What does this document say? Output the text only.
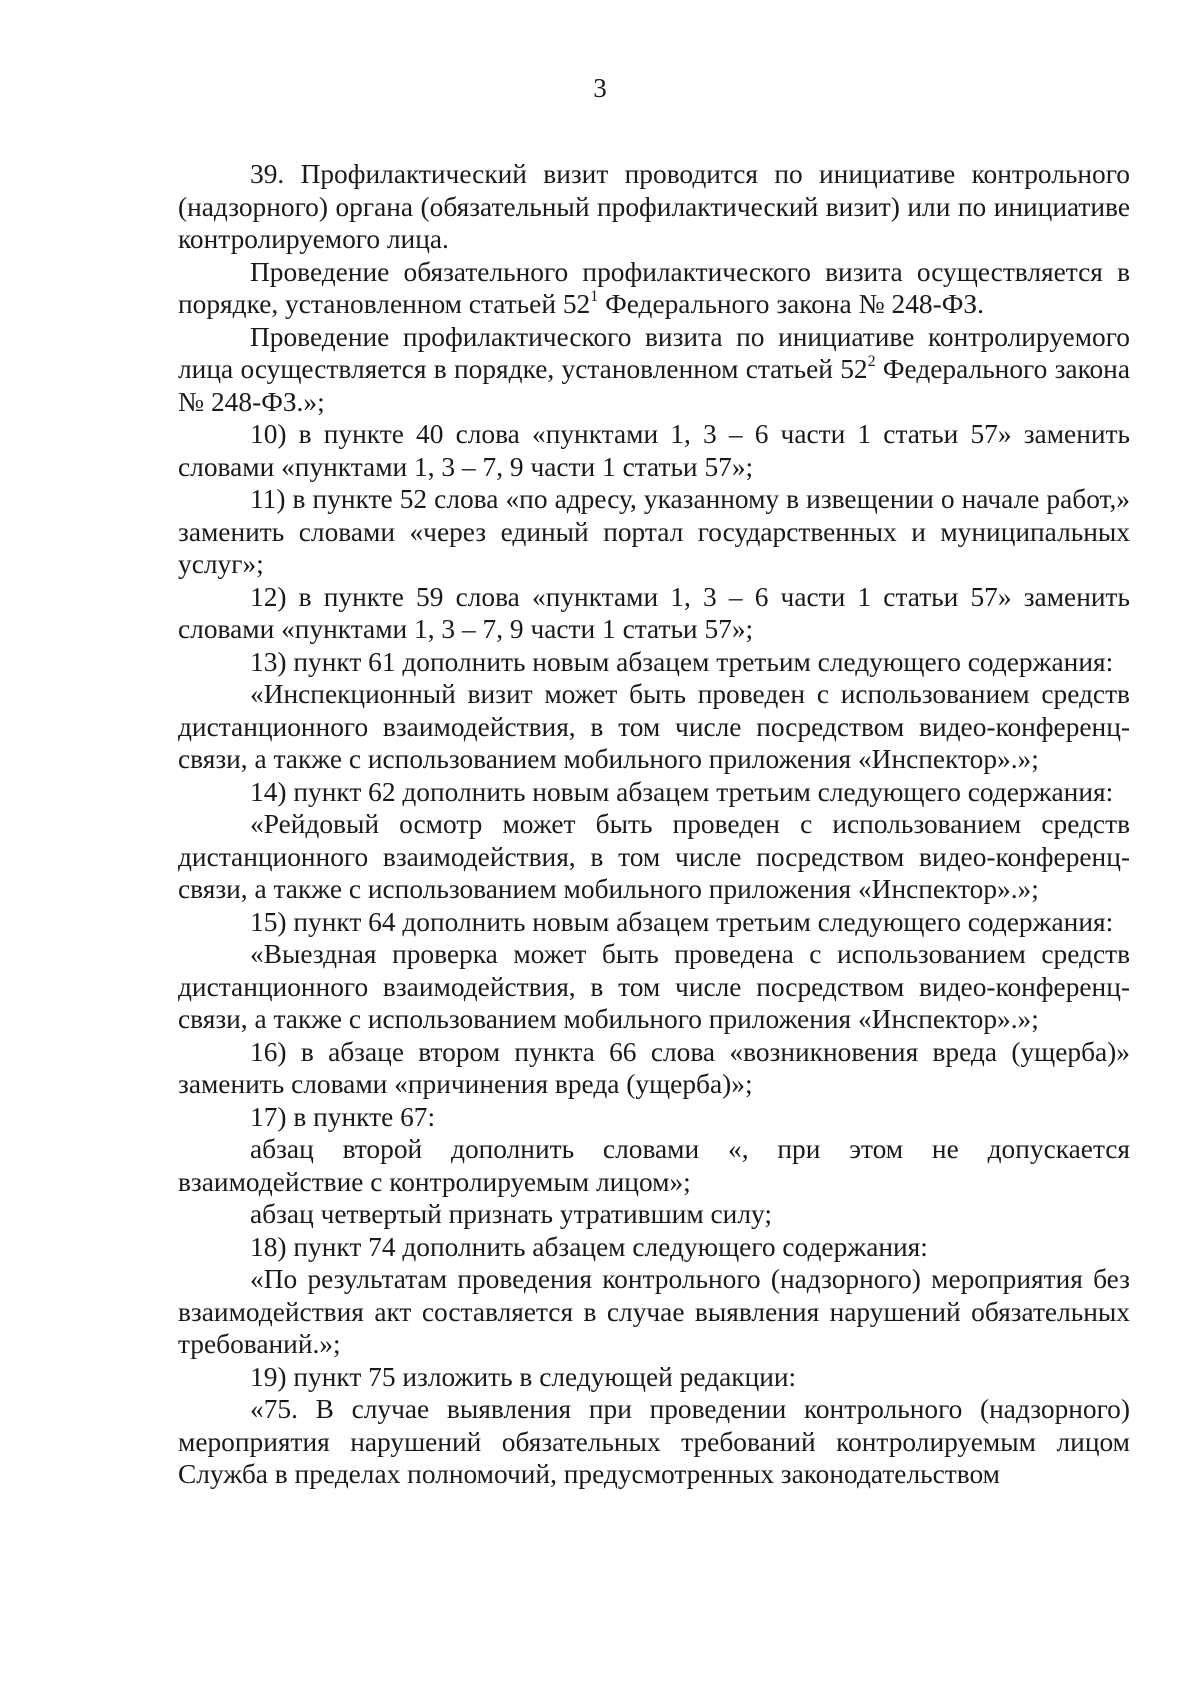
3

39. Профилактический визит проводится по инициативе контрольного (надзорного) органа (обязательный профилактический визит) или по инициативе контролируемого лица.

Проведение обязательного профилактического визита осуществляется в порядке, установленном статьей $52^1$ Федерального закона № 248-ФЗ.

Проведение профилактического визита по инициативе контролируемого лица осуществляется в порядке, установленном статьей $52^2$ Федерального закона № 248-ФЗ.»;

10) в пункте 40 слова «пунктами 1, 3 – 6 части 1 статьи 57» заменить словами «пунктами 1, 3 – 7, 9 части 1 статьи 57»;

11) в пункте 52 слова «по адресу, указанному в извещении о начале работ,» заменить словами «через единый портал государственных и муниципальных услуг»;

12) в пункте 59 слова «пунктами 1, 3 – 6 части 1 статьи 57» заменить словами «пунктами 1, 3 – 7, 9 части 1 статьи 57»;

13) пункт 61 дополнить новым абзацем третьим следующего содержания:

«Инспекционный визит может быть проведен с использованием средств дистанционного взаимодействия, в том числе посредством видео-конференц-связи, а также с использованием мобильного приложения «Инспектор».»;

14) пункт 62 дополнить новым абзацем третьим следующего содержания:

«Рейдовый осмотр может быть проведен с использованием средств дистанционного взаимодействия, в том числе посредством видео-конференц-связи, а также с использованием мобильного приложения «Инспектор».»;

15) пункт 64 дополнить новым абзацем третьим следующего содержания:

«Выездная проверка может быть проведена с использованием средств дистанционного взаимодействия, в том числе посредством видео-конференц-связи, а также с использованием мобильного приложения «Инспектор».»;

16) в абзаце втором пункта 66 слова «возникновения вреда (ущерба)» заменить словами «причинения вреда (ущерба)»;

17) в пункте 67:

абзац второй дополнить словами «, при этом не допускается взаимодействие с контролируемым лицом»;

абзац четвертый признать утратившим силу;

18) пункт 74 дополнить абзацем следующего содержания:

«По результатам проведения контрольного (надзорного) мероприятия без взаимодействия акт составляется в случае выявления нарушений обязательных требований.»;

19) пункт 75 изложить в следующей редакции:

«75. В случае выявления при проведении контрольного (надзорного) мероприятия нарушений обязательных требований контролируемым лицом Служба в пределах полномочий, предусмотренных законодательством
